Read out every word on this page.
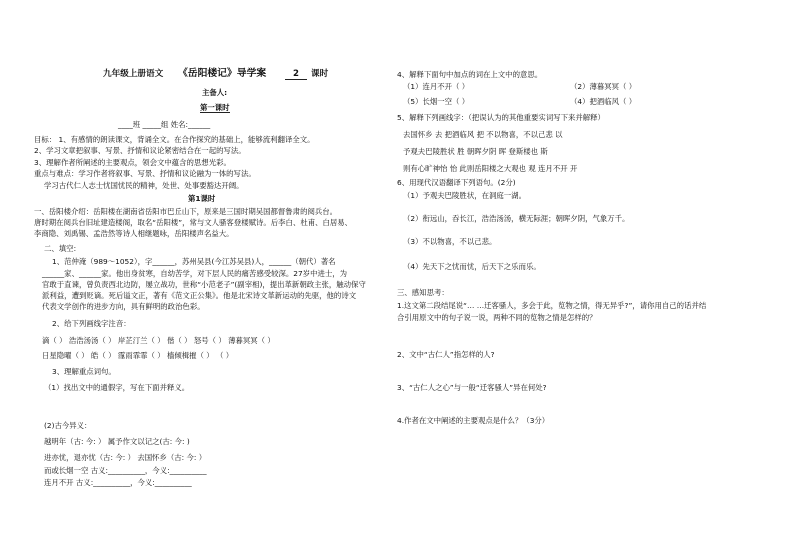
九年级上册语文 《岳阳楼记》导学案	2	课时
主备人:
第一课时
____班 _____组 姓名:______
目标： 1、有感情的朗读课文，背诵全文。在合作探究的基础上，能够流利翻译全文。
2、学习文章把叙事、写景、抒情和议论紧密结合在一起的写法。
3、理解作者所阐述的主要观点，领会文中蕴含的思想光彩。
重点与难点：学习作者将叙事、写景、抒情和议论融为一体的写法。
学习古代仁人志士忧国忧民的精神，处世、处事要豁达开阔。
第1课时
一、岳阳楼介绍：岳阳楼在湖南省岳阳市巴丘山下，原来是三国时期吴国都督鲁肃的阅兵台。
唐时期在阅兵台旧址建造楼阁，取名“岳阳楼”，常与文人骚客登楼赋诗。后李白、杜甫、白居易、
李商隐、刘禹锡、孟浩然等诗人相继题咏，岳阳楼声名益大。
二、填空:
1、范仲淹（989～1052），字______，苏州吴县(今江苏吴县)人，______（朝代）著名
______家、______家。他出身贫寒，自幼苦学，对下层人民的痛苦感受较深。27岁中进士，为
官敢于直谏，曾负责西北边防，屡立战功，世称“小范老子”(副宰相)，提出革新朝政主张，触动保守
派利益，遭到贬谪。死后谥文正，著有《范文正公集》。他是北宋诗文革新运动的先驱，他的诗文
代表文学创作的进步方向，具有鲜明的政治色彩。
2、给下列画线字注音：
滴（ ） 浩浩汤汤（ ） 岸芷汀兰（ ） 偕（ ） 怒号（ ） 薄暮冥冥（ ）
日星隐曜（ ） 皓（ ） 霪雨霏霏（ ） 樯倾楫摧（ ） （ ）
3、理解重点词句。
（1）找出文中的通假字，写在下面并释义。
(2)古今异义：
越明年（古: 今: ） 属予作文以记之(古: 今: )
进亦忧，退亦忧（古: 今: ） 去国怀乡（古: 今: ）
而或长烟一空 古义:__________，今义:__________
连月不开 古义:__________，今义:__________
4、解释下面句中加点的词在上文中的意思。
（1）连月不开（ ）	（2）薄暮冥冥（ ）
（5）长烟一空（ ）	（4）把酒临风（ ）
5、解释下列画线字：（把误认为的其他重要实词写下来并解释）
去国怀乡 去 把酒临风 把 不以物喜，不以己悲 以
予观夫巴陵胜状 胜 朝晖夕阴 晖 登斯楼也 斯
则有心旷神怡 怡 此则岳阳楼之大观也 观 连月不开 开
6、用现代汉语翻译下列语句。(2分)
（1）予观夫巴陵胜状，在洞庭一湖。
（2）衔远山，吞长江，浩浩汤汤，横无际涯；朝晖夕阴，气象万千。
（3）不以物喜，不以己悲。
（4）先天下之忧而忧，后天下之乐而乐。
三、感知思考：
1.这文第二段结尾说“… …迁客骚人，多会于此，览物之情，得无异乎?”，请你用自己的话并结
合引用原文中的句子说一说，两种不同的览物之情是怎样的？
2、文中“古仁人”指怎样的人?
3、“古仁人之心”与一般“迁客骚人”异在何处?
4.作者在文中阐述的主要观点是什么？（3分）
